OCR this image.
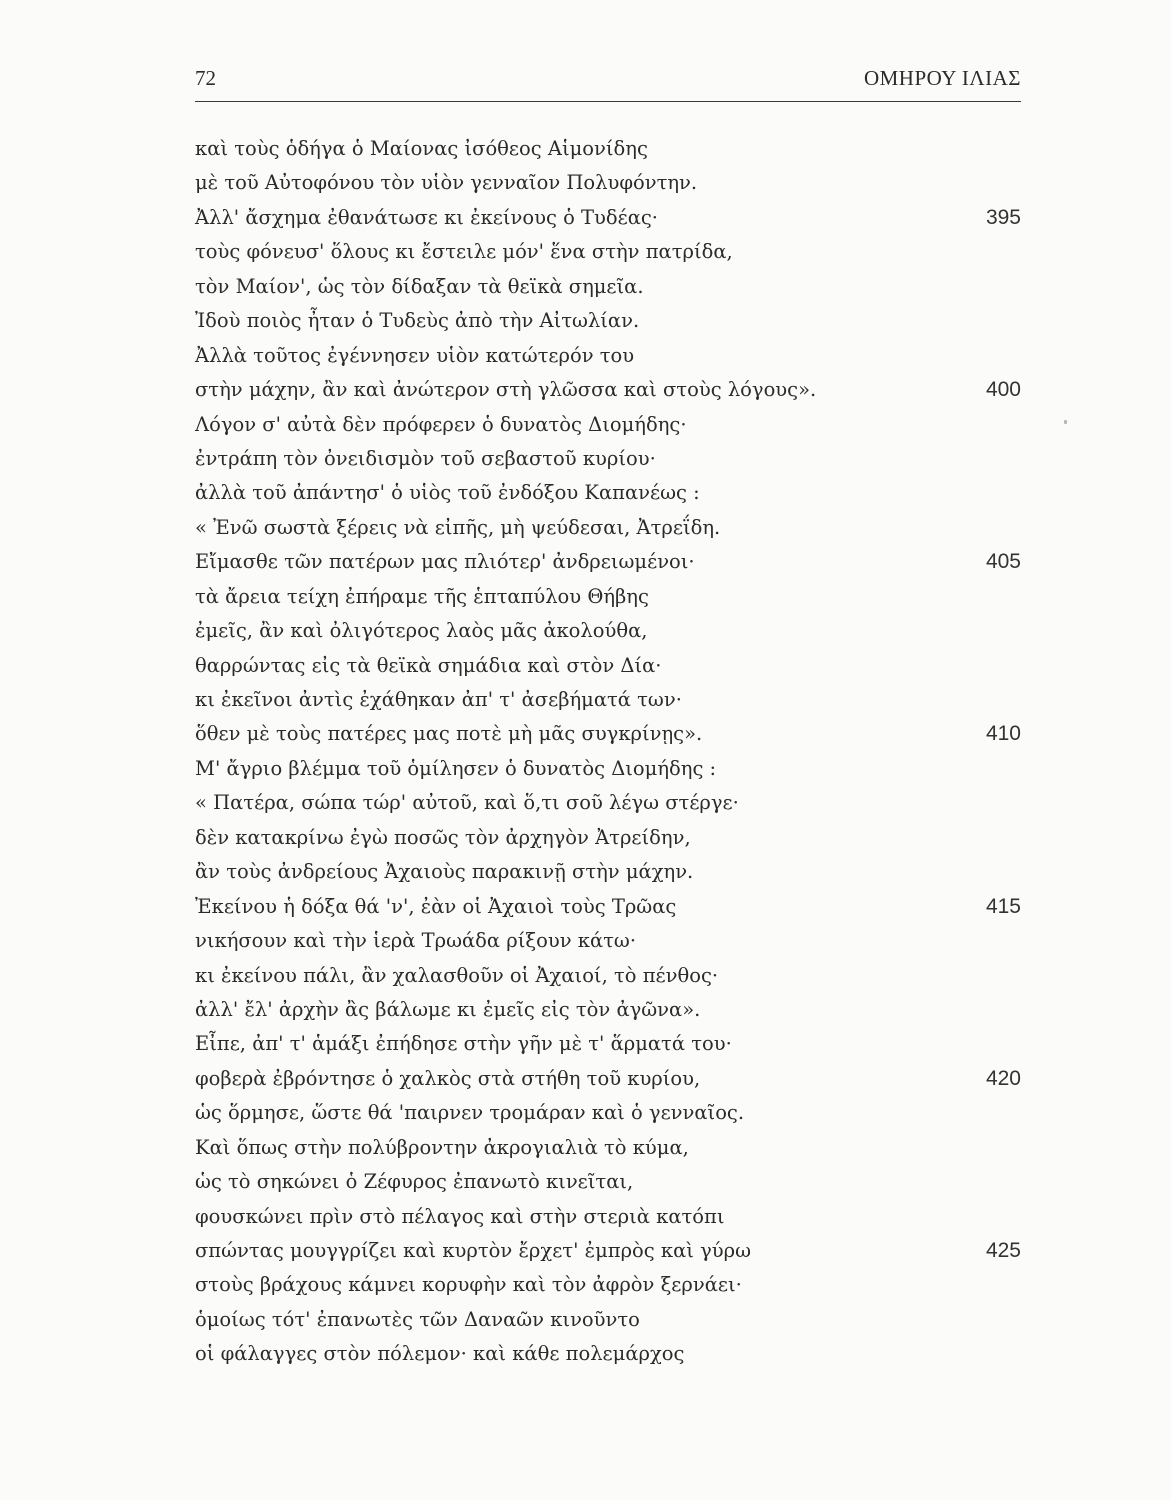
72	ΟΜΗΡΟΥ ΙΛΙΑΣ
καὶ τοὺς ὁδήγα ὁ Μαίονας ἰσόθεος Αἱμονίδης
μὲ τοῦ Αὐτοφόνου τὸν υἱὸν γενναῖον Πολυφόντην.
Ἀλλ' ἄσχημα ἐθανάτωσε κι ἐκείνους ὁ Τυδέας·	395
τοὺς φόνευσ' ὅλους κι ἔστειλε μόν' ἕνα στὴν πατρίδα,
τὸν Μαίον', ὡς τὸν δίδαξαν τὰ θεϊκὰ σημεῖα.
Ἰδοὺ ποιὸς ἦταν ὁ Τυδεὺς ἀπὸ τὴν Αἰτωλίαν.
Ἀλλὰ τοῦτος ἐγέννησεν υἱὸν κατώτερόν του
στὴν μάχην, ἂν καὶ ἀνώτερον στὴ γλῶσσα καὶ στοὺς λόγους».	400
Λόγον σ' αὐτὰ δὲν πρόφερεν ὁ δυνατὸς Διομήδης·
ἐντράπη τὸν ὀνειδισμὸν τοῦ σεβαστοῦ κυρίου·
ἀλλὰ τοῦ ἀπάντησ' ὁ υἱὸς τοῦ ἐνδόξου Καπανέως :
« Ἐνῶ σωστὰ ξέρεις νὰ εἰπῆς, μὴ ψεύδεσαι, Ἀτρεΐδη.
Εἴμασθε τῶν πατέρων μας πλιότερ' ἀνδρειωμένοι·	405
τὰ ἄρεια τείχη ἐπήραμε τῆς ἑπταπύλου Θήβης
ἐμεῖς, ἂν καὶ ὀλιγότερος λαὸς μᾶς ἀκολούθα,
θαρρώντας εἰς τὰ θεϊκὰ σημάδια καὶ στὸν Δία·
κι ἐκεῖνοι ἀντὶς ἐχάθηκαν ἀπ' τ' ἀσεβήματά των·
ὅθεν μὲ τοὺς πατέρες μας ποτὲ μὴ μᾶς συγκρίνῃς».	410
Μ' ἄγριο βλέμμα τοῦ ὁμίλησεν ὁ δυνατὸς Διομήδης :
« Πατέρα, σώπα τώρ' αὐτοῦ, καὶ ὅ,τι σοῦ λέγω στέργε·
δὲν κατακρίνω ἐγὼ ποσῶς τὸν ἀρχηγὸν Ἀτρείδην,
ἂν τοὺς ἀνδρείους Ἀχαιοὺς παρακινῇ στὴν μάχην.
Ἐκείνου ἡ δόξα θά 'ν', ἐὰν οἱ Ἀχαιοὶ τοὺς Τρῶας	415
νικήσουν καὶ τὴν ἱερὰ Τρωάδα ρίξουν κάτω·
κι ἐκείνου πάλι, ἂν χαλασθοῦν οἱ Ἀχαιοί, τὸ πένθος·
ἀλλ' ἔλ' ἀρχὴν ἂς βάλωμε κι ἐμεῖς εἰς τὸν ἀγῶνα».
Εἶπε, ἀπ' τ' ἁμάξι ἐπήδησε στὴν γῆν μὲ τ' ἅρματά του·
φοβερὰ ἐβρόντησε ὁ χαλκὸς στὰ στήθη τοῦ κυρίου,	420
ὡς ὅρμησε, ὥστε θά 'παιρνεν τρομάραν καὶ ὁ γενναῖος.
Καὶ ὅπως στὴν πολύβροντην ἀκρογιαλιὰ τὸ κύμα,
ὡς τὸ σηκώνει ὁ Ζέφυρος ἐπανωτὸ κινεῖται,
φουσκώνει πρὶν στὸ πέλαγος καὶ στὴν στεριὰ κατόπι
σπώντας μουγγρίζει καὶ κυρτὸν ἔρχετ' ἐμπρὸς καὶ γύρω	425
στοὺς βράχους κάμνει κορυφὴν καὶ τὸν ἀφρὸν ξερνάει·
ὁμοίως τότ' ἐπανωτὲς τῶν Δαναῶν κινοῦντο
οἱ φάλαγγες στὸν πόλεμον· καὶ κάθε πολεμάρχος
